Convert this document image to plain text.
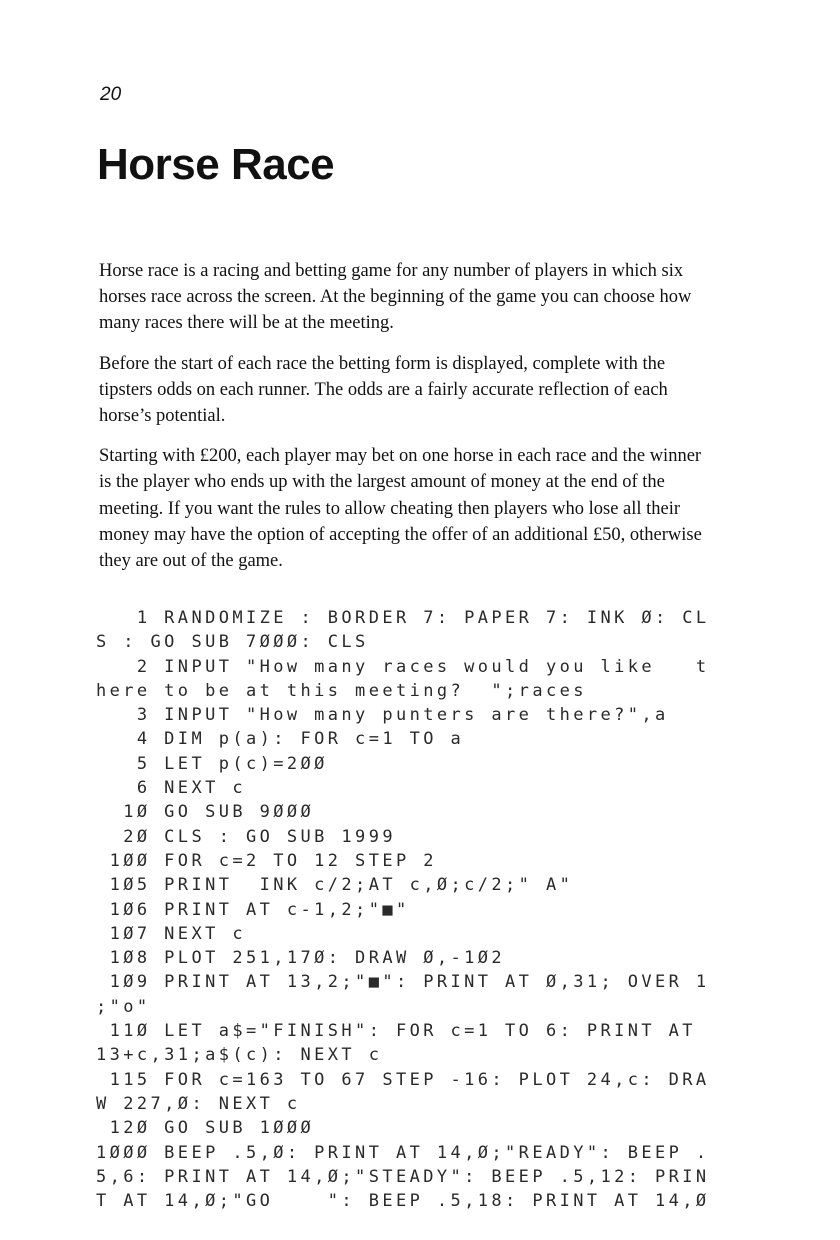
20
Horse Race

Horse race is a racing and betting game for any number of players in which six horses race across the screen. At the beginning of the game you can choose how many races there will be at the meeting.

Before the start of each race the betting form is displayed, complete with the tipsters odds on each runner. The odds are a fairly accurate reflection of each horse’s potential.

Starting with £200, each player may bet on one horse in each race and the winner is the player who ends up with the largest amount of money at the end of the meeting. If you want the rules to allow cheating then players who lose all their money may have the option of accepting the offer of an additional £50, otherwise they are out of the game.

1 RANDOMIZE : BORDER 7: PAPER 7: INK Ø: CL
S : GO SUB 7ØØØ: CLS
2 INPUT "How many races would you like   t
here to be at this meeting?  ";races
3 INPUT "How many punters are there?",a
4 DIM p(a): FOR c=1 TO a
5 LET p(c)=2ØØ
6 NEXT c
1Ø GO SUB 9ØØØ
2Ø CLS : GO SUB 1999
1ØØ FOR c=2 TO 12 STEP 2
1Ø5 PRINT  INK c/2;AT c,Ø;c/2;" A"
1Ø6 PRINT AT c-1,2;"■"
1Ø7 NEXT c
1Ø8 PLOT 251,17Ø: DRAW Ø,-1Ø2
1Ø9 PRINT AT 13,2;"■": PRINT AT Ø,31; OVER 1
;"o"
11Ø LET a$="FINISH": FOR c=1 TO 6: PRINT AT
13+c,31;a$(c): NEXT c
115 FOR c=163 TO 67 STEP -16: PLOT 24,c: DRA
W 227,Ø: NEXT c
12Ø GO SUB 1ØØØ
1ØØØ BEEP .5,Ø: PRINT AT 14,Ø;"READY": BEEP .
5,6: PRINT AT 14,Ø;"STEADY": BEEP .5,12: PRIN
T AT 14,Ø;"GO    ": BEEP .5,18: PRINT AT 14,Ø
